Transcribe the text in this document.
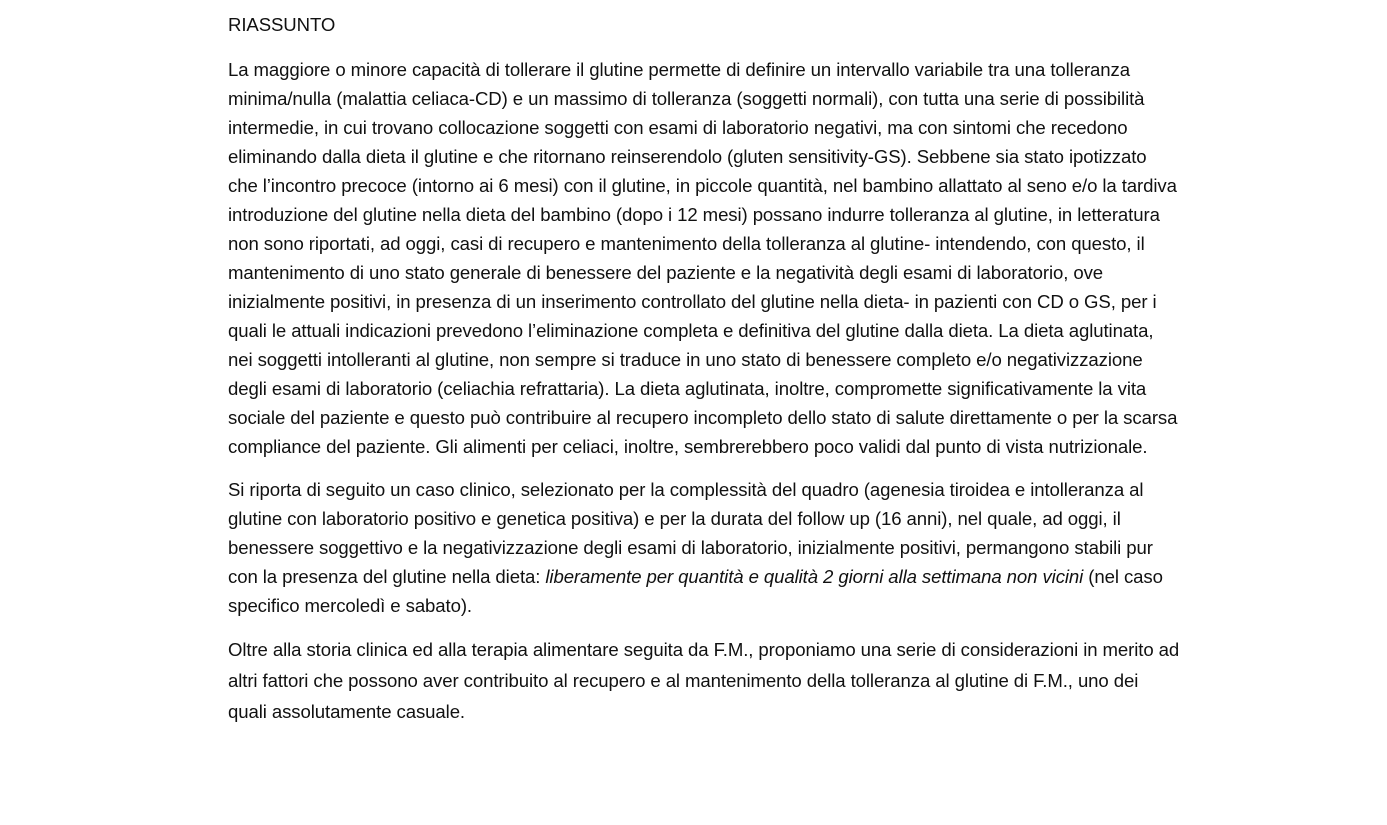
RIASSUNTO

La maggiore o minore capacità di tollerare il glutine permette di definire un intervallo variabile tra una tolleranza minima/nulla (malattia celiaca-CD) e un massimo di tolleranza (soggetti normali), con tutta una serie di possibilità intermedie, in cui trovano collocazione soggetti con esami di laboratorio negativi, ma con sintomi che recedono eliminando dalla dieta il glutine e che ritornano reinserendolo (gluten sensitivity-GS). Sebbene sia stato ipotizzato che l’incontro precoce (intorno ai 6 mesi) con il glutine, in piccole quantità, nel bambino allattato al seno e/o la tardiva introduzione del glutine nella dieta del bambino (dopo i 12 mesi) possano indurre tolleranza al glutine, in letteratura non sono riportati, ad oggi, casi di recupero e mantenimento della tolleranza al glutine- intendendo, con questo, il mantenimento di uno stato generale di benessere del paziente e la negatività degli esami di laboratorio, ove inizialmente positivi, in presenza di un inserimento controllato del glutine nella dieta- in pazienti con CD o GS, per i quali le attuali indicazioni prevedono l’eliminazione completa e definitiva del glutine dalla dieta. La dieta aglutinata, nei soggetti intolleranti al glutine, non sempre si traduce in uno stato di benessere completo e/o negativizzazione degli esami di laboratorio (celiachia refrattaria). La dieta aglutinata, inoltre, compromette significativamente la vita sociale del paziente e questo può contribuire al recupero incompleto dello stato di salute direttamente o per la scarsa compliance del paziente. Gli alimenti per celiaci, inoltre, sembrerebbero poco validi dal punto di vista nutrizionale.

Si riporta di seguito un caso clinico, selezionato per la complessità del quadro (agenesia tiroidea e intolleranza al glutine con laboratorio positivo e genetica positiva) e per la durata del follow up (16 anni), nel quale, ad oggi, il benessere soggettivo e la negativizzazione degli esami di laboratorio, inizialmente positivi, permangono stabili pur con la presenza del glutine nella dieta: liberamente per quantità e qualità 2 giorni alla settimana non vicini (nel caso specifico mercoledì e sabato).

Oltre alla storia clinica ed alla terapia alimentare seguita da F.M., proponiamo una serie di considerazioni in merito ad altri fattori che possono aver contribuito al recupero e al mantenimento della tolleranza al glutine di F.M., uno dei quali assolutamente casuale.
